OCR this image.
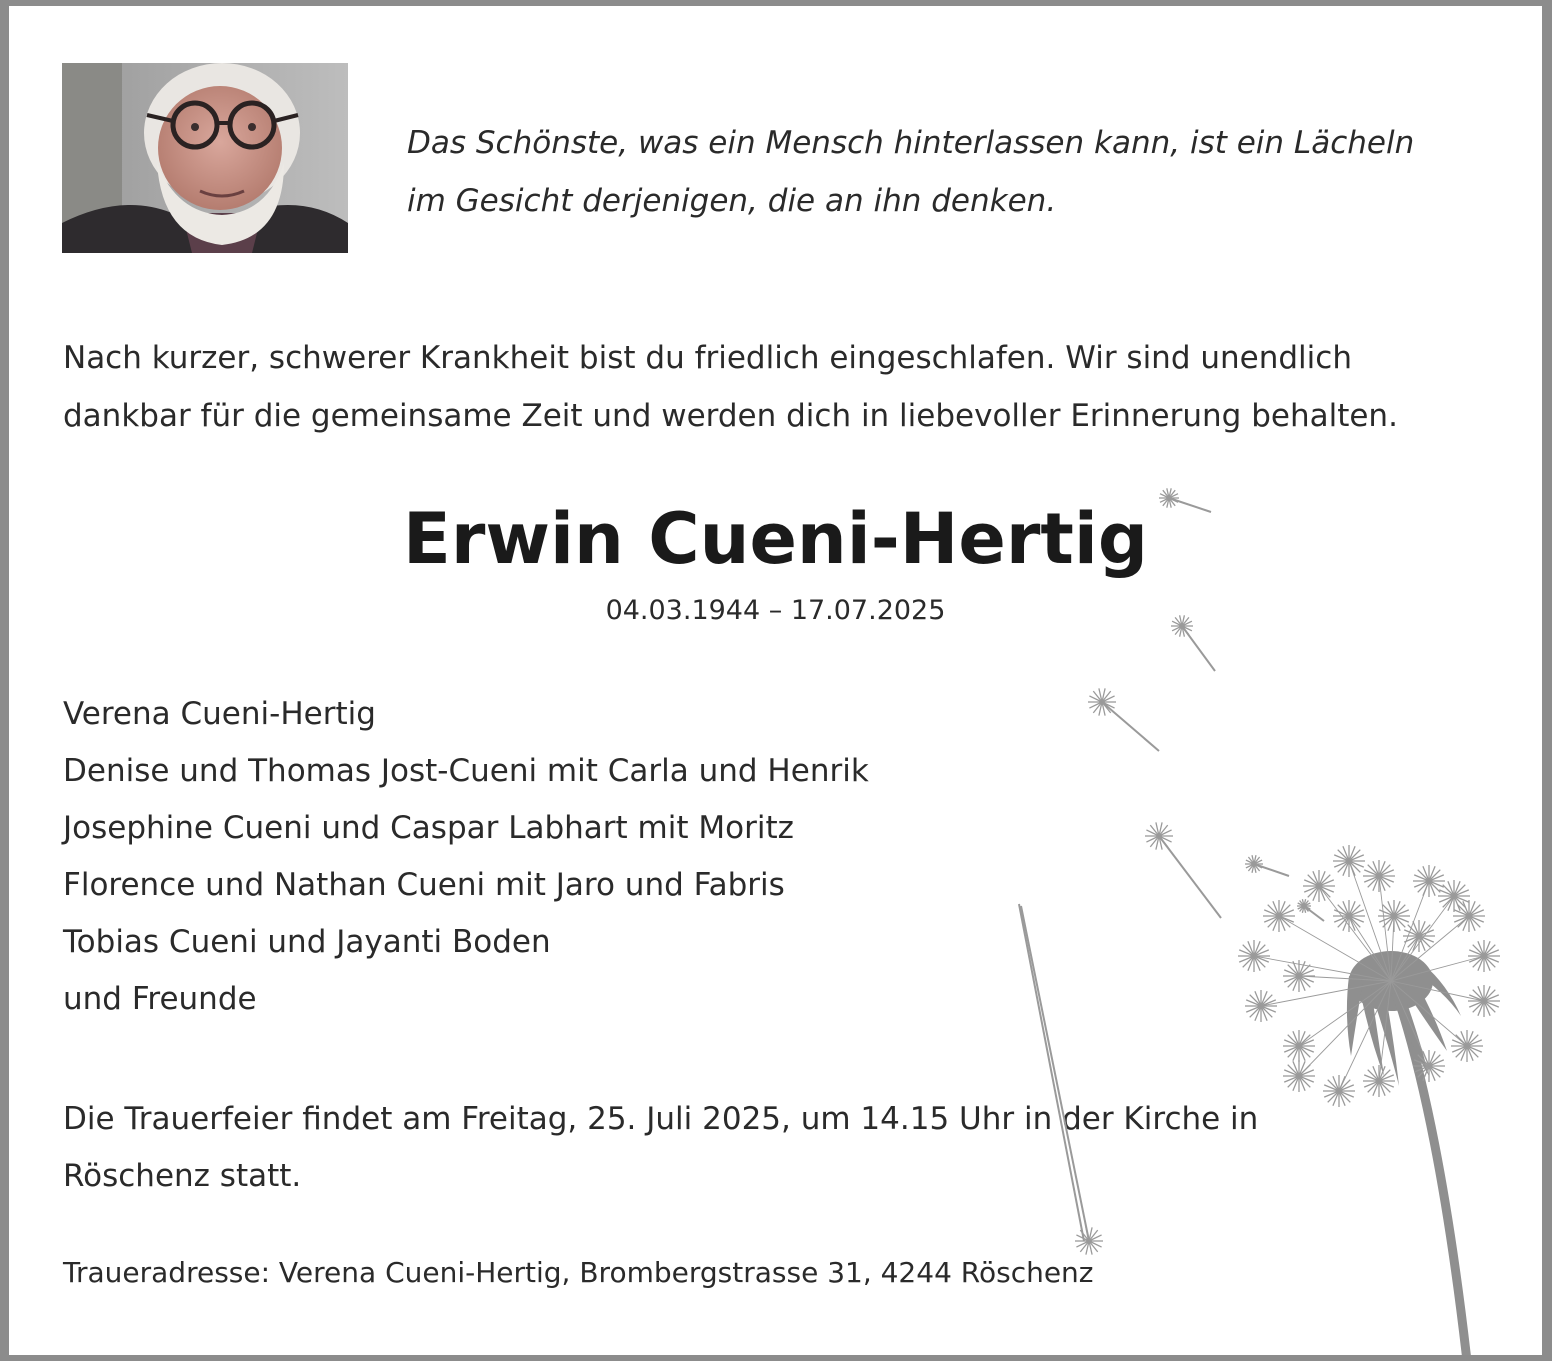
Das Schönste, was ein Mensch hinterlassen kann, ist ein Lächeln
im Gesicht derjenigen, die an ihn denken.

Nach kurzer, schwerer Krankheit bist du friedlich eingeschlafen. Wir sind unendlich
dankbar für die gemeinsame Zeit und werden dich in liebevoller Erinnerung behalten.

Erwin Cueni-Hertig

04.03.1944 – 17.07.2025

Verena Cueni-Hertig
Denise und Thomas Jost-Cueni mit Carla und Henrik
Josephine Cueni und Caspar Labhart mit Moritz
Florence und Nathan Cueni mit Jaro und Fabris
Tobias Cueni und Jayanti Boden
und Freunde

Die Trauerfeier findet am Freitag, 25. Juli 2025, um 14.15 Uhr in der Kirche in
Röschenz statt.

Traueradresse: Verena Cueni-Hertig, Brombergstrasse 31, 4244 Röschenz
